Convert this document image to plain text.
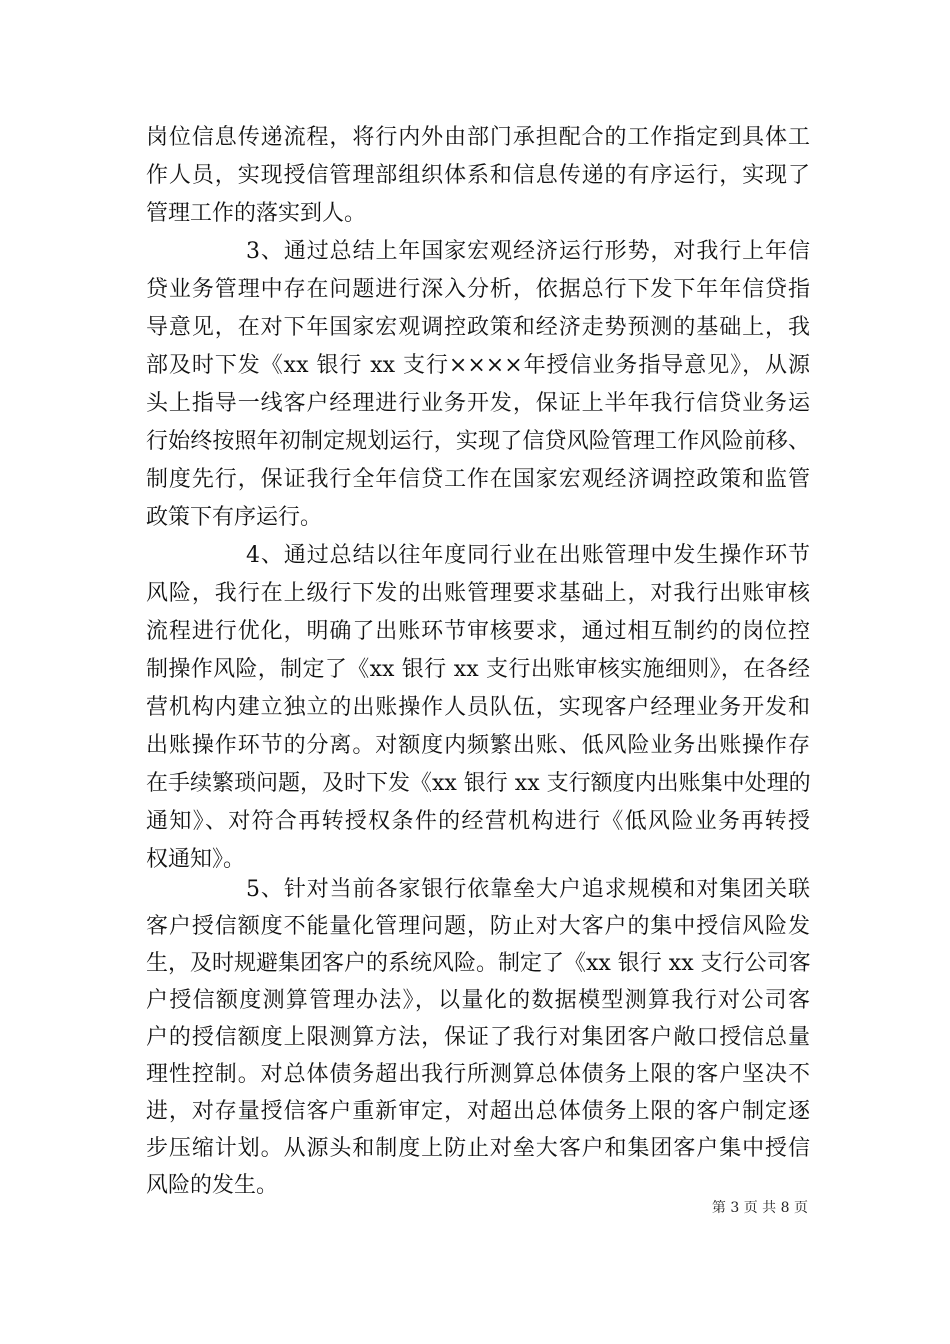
岗位信息传递流程，将行内外由部门承担配合的工作指定到具体工
作人员，实现授信管理部组织体系和信息传递的有序运行，实现了
管理工作的落实到人。
3、通过总结上年国家宏观经济运行形势，对我行上年信
贷业务管理中存在问题进行深入分析，依据总行下发下年年信贷指
导意见，在对下年国家宏观调控政策和经济走势预测的基础上，我
部及时下发《xx 银行 xx 支行××××年授信业务指导意见》，从源
头上指导一线客户经理进行业务开发，保证上半年我行信贷业务运
行始终按照年初制定规划运行，实现了信贷风险管理工作风险前移、
制度先行，保证我行全年信贷工作在国家宏观经济调控政策和监管
政策下有序运行。
4、通过总结以往年度同行业在出账管理中发生操作环节
风险，我行在上级行下发的出账管理要求基础上，对我行出账审核
流程进行优化，明确了出账环节审核要求，通过相互制约的岗位控
制操作风险，制定了《xx 银行 xx 支行出账审核实施细则》，在各经
营机构内建立独立的出账操作人员队伍，实现客户经理业务开发和
出账操作环节的分离。对额度内频繁出账、低风险业务出账操作存
在手续繁琐问题，及时下发《xx 银行 xx 支行额度内出账集中处理的
通知》、对符合再转授权条件的经营机构进行《低风险业务再转授
权通知》。
5、针对当前各家银行依靠垒大户追求规模和对集团关联
客户授信额度不能量化管理问题，防止对大客户的集中授信风险发
生，及时规避集团客户的系统风险。制定了《xx 银行 xx 支行公司客
户授信额度测算管理办法》，以量化的数据模型测算我行对公司客
户的授信额度上限测算方法，保证了我行对集团客户敞口授信总量
理性控制。对总体债务超出我行所测算总体债务上限的客户坚决不
进，对存量授信客户重新审定，对超出总体债务上限的客户制定逐
步压缩计划。从源头和制度上防止对垒大客户和集团客户集中授信
风险的发生。
第 3 页 共 8 页
